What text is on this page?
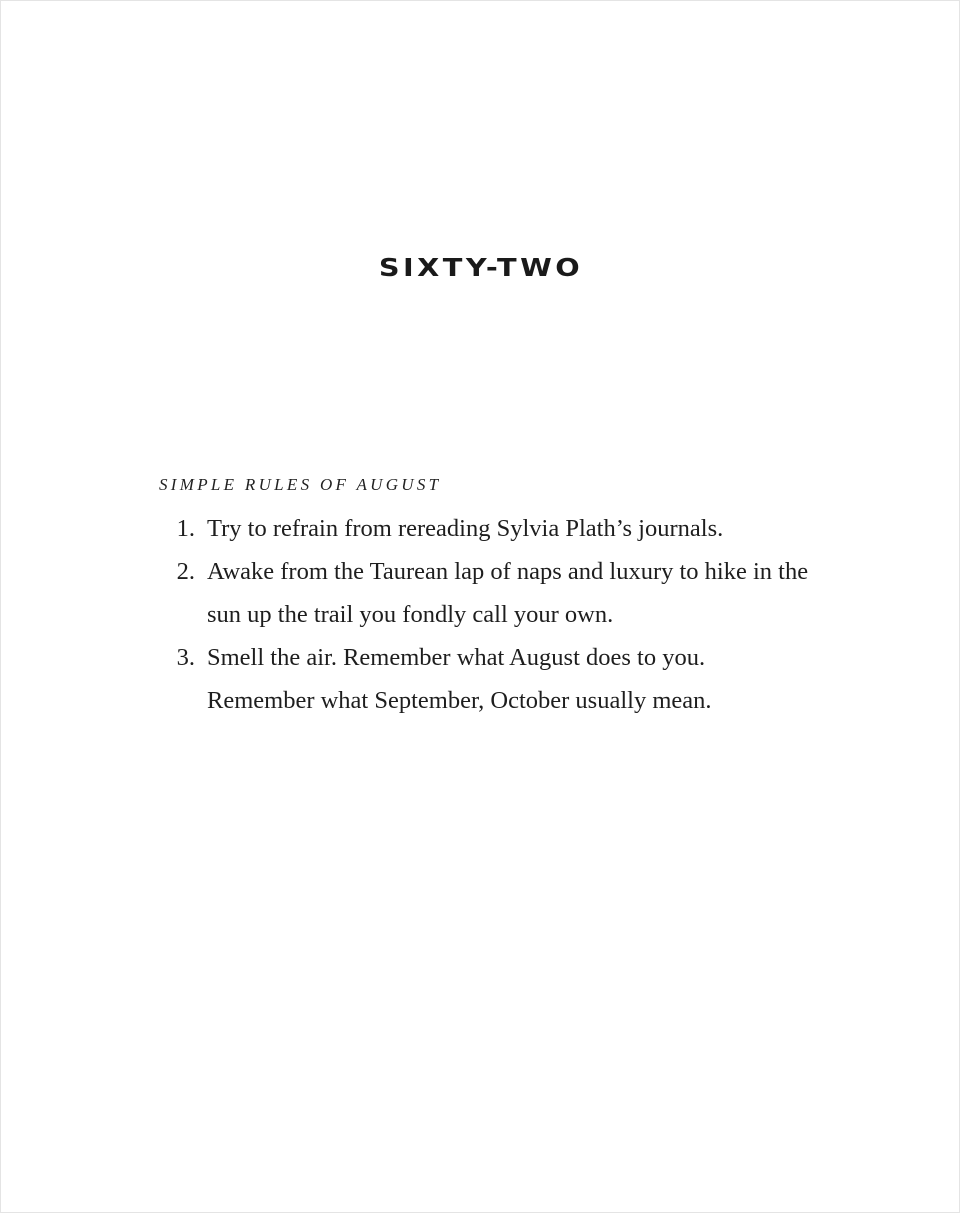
SIXTY-TWO
SIMPLE RULES OF AUGUST
1. Try to refrain from rereading Sylvia Plath’s journals.
2. Awake from the Taurean lap of naps and luxury to hike in the sun up the trail you fondly call your own.
3. Smell the air. Remember what August does to you. Remember what September, October usually mean.
